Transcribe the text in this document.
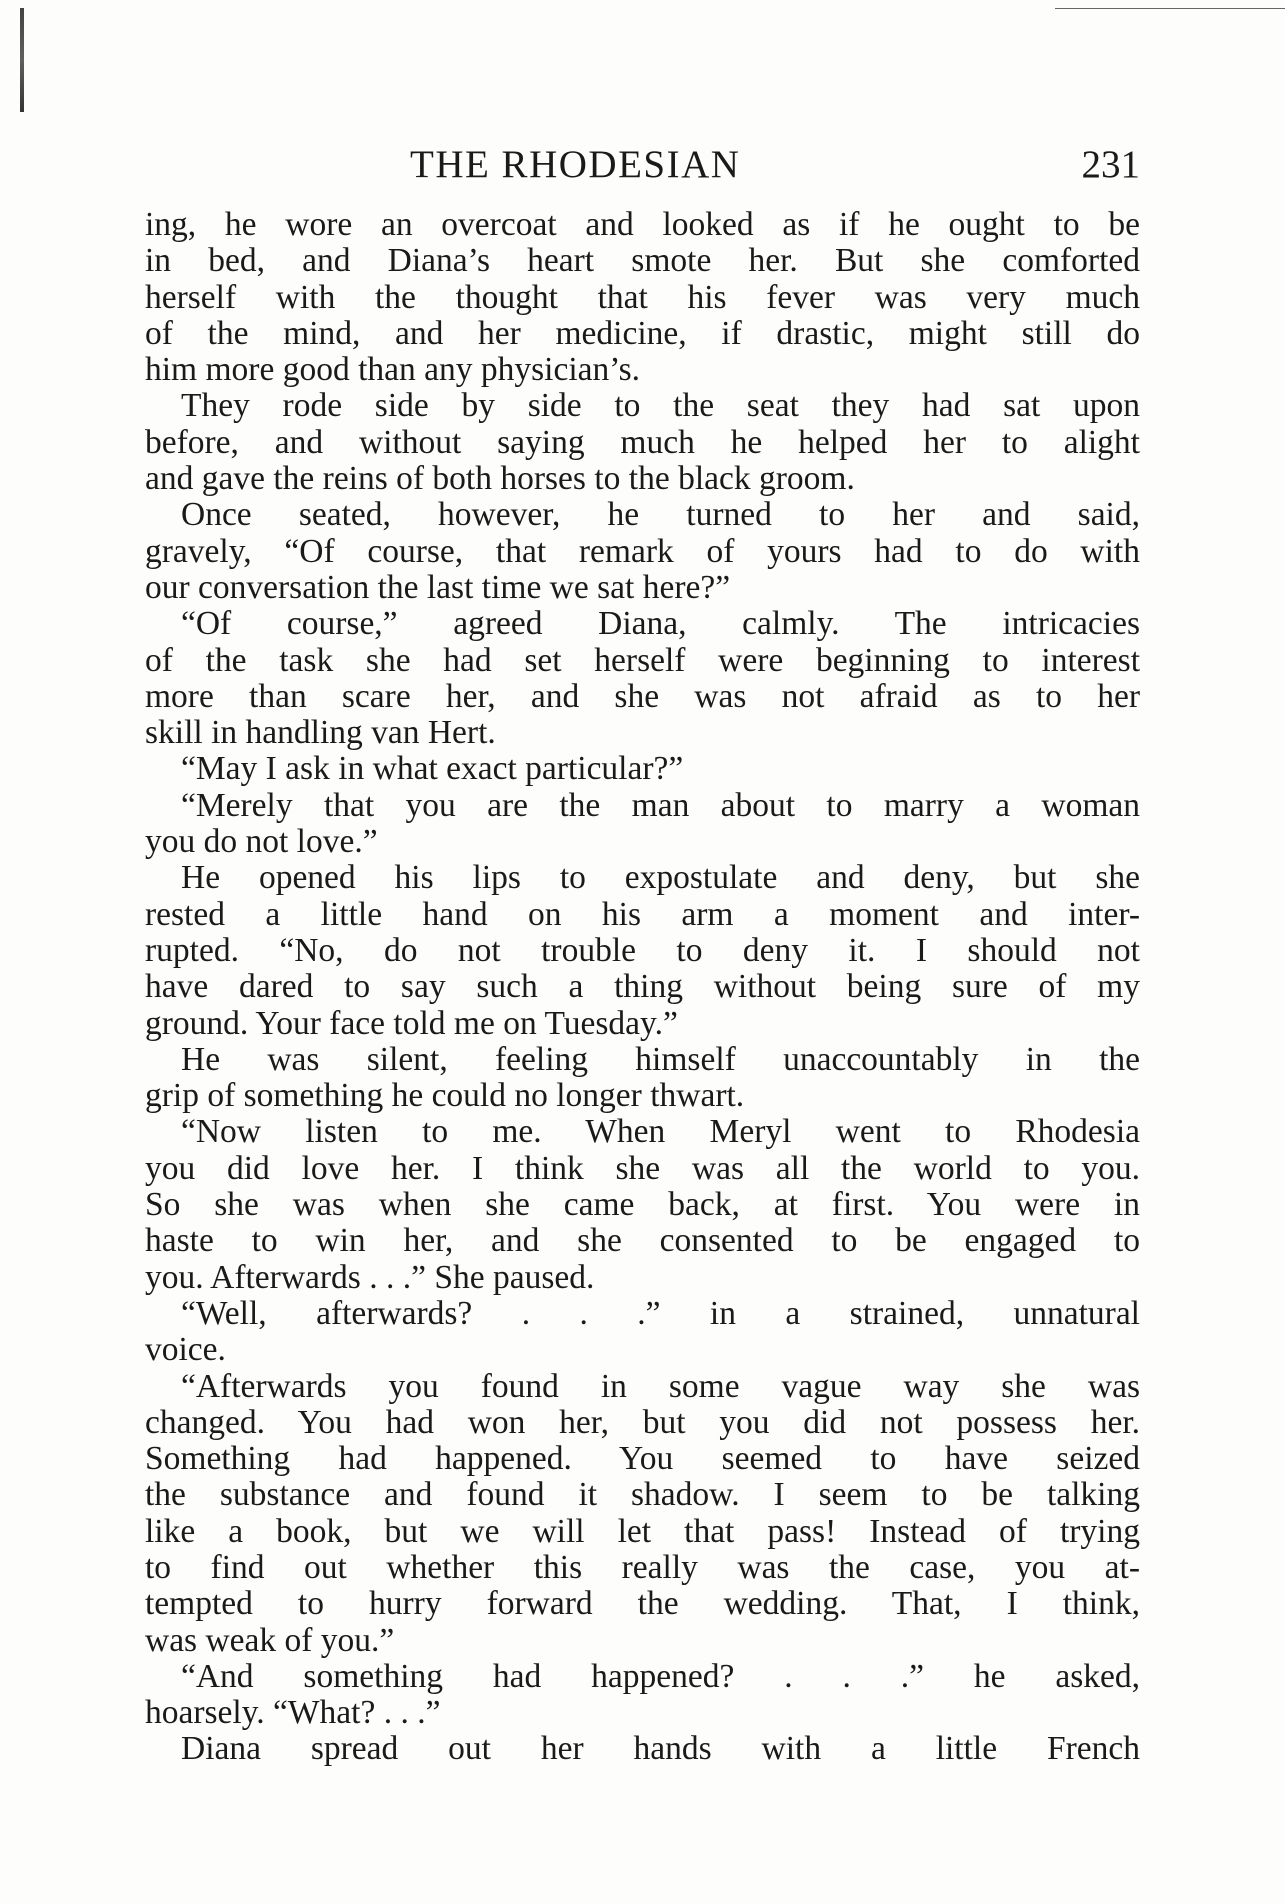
THE RHODESIAN	231
ing, he wore an overcoat and looked as if he ought to be
in bed, and Diana’s heart smote her. But she comforted
herself with the thought that his fever was very much
of the mind, and her medicine, if drastic, might still do
him more good than any physician’s.
They rode side by side to the seat they had sat upon
before, and without saying much he helped her to alight
and gave the reins of both horses to the black groom.
Once seated, however, he turned to her and said,
gravely, “Of course, that remark of yours had to do with
our conversation the last time we sat here?”
“Of course,” agreed Diana, calmly. The intricacies
of the task she had set herself were beginning to interest
more than scare her, and she was not afraid as to her
skill in handling van Hert.
“May I ask in what exact particular?”
“Merely that you are the man about to marry a woman
you do not love.”
He opened his lips to expostulate and deny, but she
rested a little hand on his arm a moment and inter-
rupted. “No, do not trouble to deny it. I should not
have dared to say such a thing without being sure of my
ground. Your face told me on Tuesday.”
He was silent, feeling himself unaccountably in the
grip of something he could no longer thwart.
“Now listen to me. When Meryl went to Rhodesia
you did love her. I think she was all the world to you.
So she was when she came back, at first. You were in
haste to win her, and she consented to be engaged to
you. Afterwards . . .” She paused.
“Well, afterwards? . . .” in a strained, unnatural
voice.
“Afterwards you found in some vague way she was
changed. You had won her, but you did not possess her.
Something had happened. You seemed to have seized
the substance and found it shadow. I seem to be talking
like a book, but we will let that pass! Instead of trying
to find out whether this really was the case, you at-
tempted to hurry forward the wedding. That, I think,
was weak of you.”
“And something had happened? . . .” he asked,
hoarsely. “What? . . .”
Diana spread out her hands with a little French
